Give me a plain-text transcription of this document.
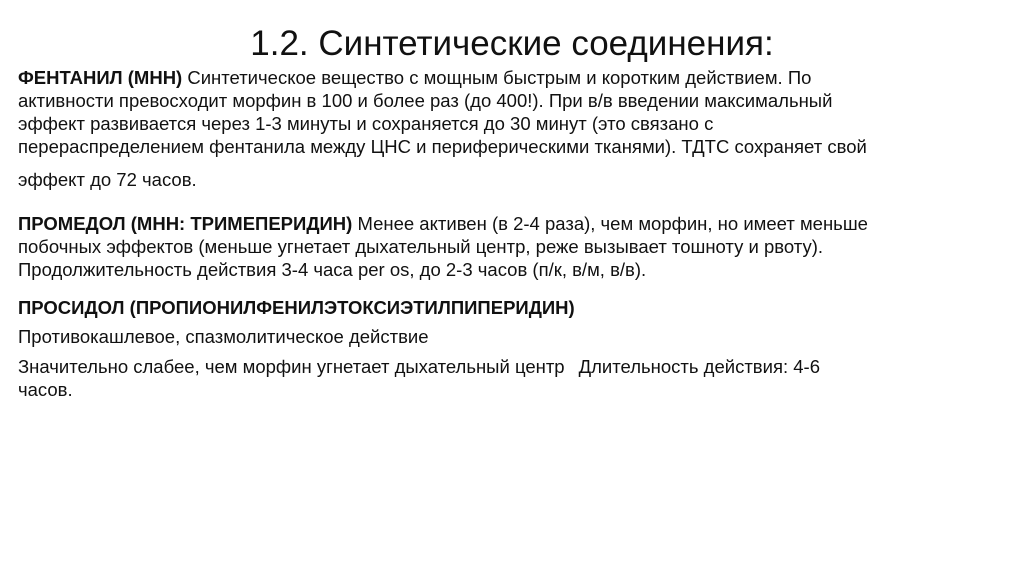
1.2. Синтетические соединения:
ФЕНТАНИЛ (МНН) Синтетическое вещество с мощным быстрым и коротким действием. По
активности превосходит морфин в 100 и более раз (до 400!). При в/в введении максимальный
эффект развивается через 1-3 минуты и сохраняется до 30 минут (это связано с
перераспределением фентанила между ЦНС и периферическими тканями). ТДТС сохраняет свой
эффект до 72 часов.
ПРОМЕДОЛ (МНН: ТРИМЕПЕРИДИН) Менее активен (в 2-4 раза), чем морфин, но имеет меньше
побочных эффектов (меньше угнетает дыхательный центр, реже вызывает тошноту и рвоту).
Продолжительность действия 3-4 часа per os, до 2-3 часов (п/к, в/м, в/в).
ПРОСИДОЛ (ПРОПИОНИЛФЕНИЛЭТОКСИЭТИЛПИПЕРИДИН)
Противокашлевое, спазмолитическое действие
Значительно слабее, чем морфин угнетает дыхательный центр Длительность действия: 4-6
часов.
